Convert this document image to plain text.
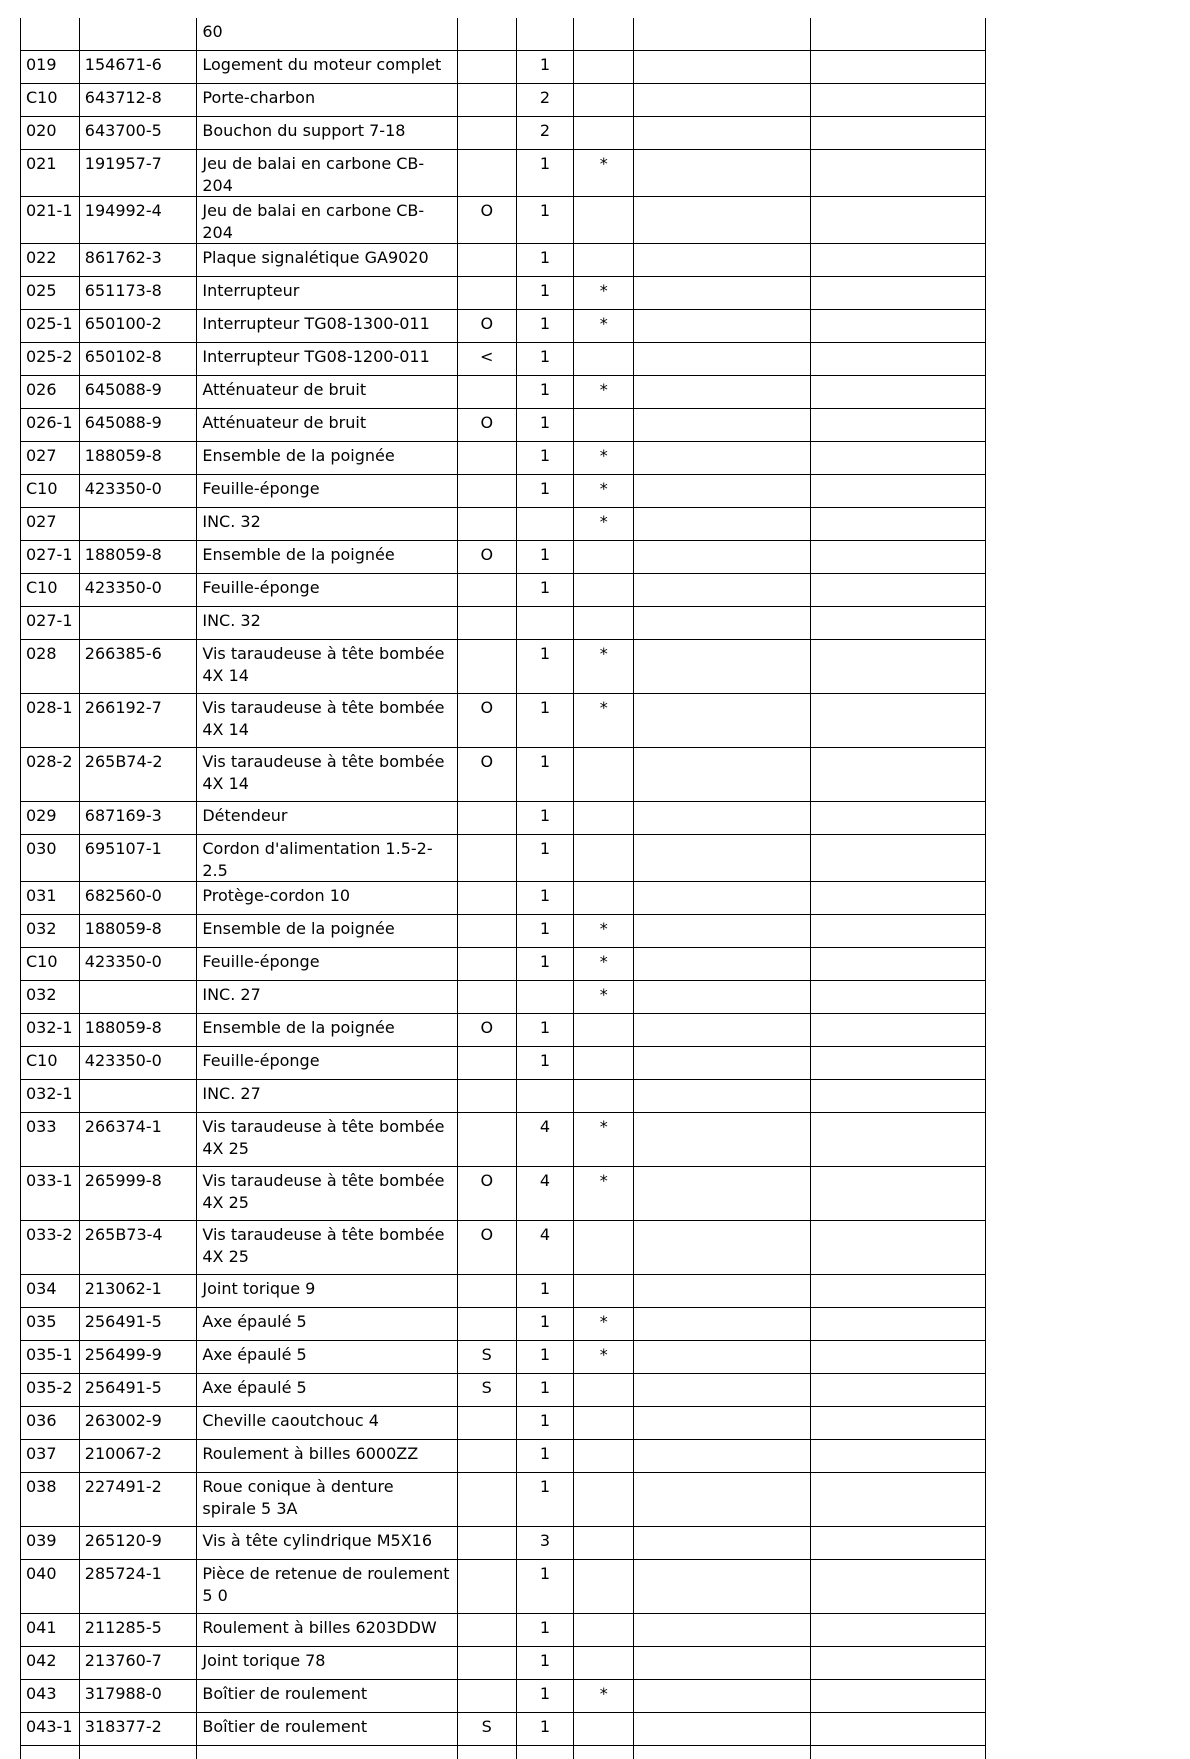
		60					
019	154671-6	Logement du moteur complet		1			
C10	643712-8	Porte-charbon		2			
020	643700-5	Bouchon du support 7-18		2			
021	191957-7	Jeu de balai en carbone CB-204		1	*		
021-1	194992-4	Jeu de balai en carbone CB-204	O	1			
022	861762-3	Plaque signalétique GA9020		1			
025	651173-8	Interrupteur		1	*		
025-1	650100-2	Interrupteur TG08-1300-011	O	1	*		
025-2	650102-8	Interrupteur TG08-1200-011	<	1			
026	645088-9	Atténuateur de bruit		1	*		
026-1	645088-9	Atténuateur de bruit	O	1			
027	188059-8	Ensemble de la poignée		1	*		
C10	423350-0	Feuille-éponge		1	*		
027		INC. 32			*		
027-1	188059-8	Ensemble de la poignée	O	1			
C10	423350-0	Feuille-éponge		1			
027-1		INC. 32					
028	266385-6	Vis taraudeuse à tête bombée 4X 14		1	*		
028-1	266192-7	Vis taraudeuse à tête bombée 4X 14	O	1	*		
028-2	265B74-2	Vis taraudeuse à tête bombée 4X 14	O	1			
029	687169-3	Détendeur		1			
030	695107-1	Cordon d'alimentation 1.5-2-2.5		1			
031	682560-0	Protège-cordon 10		1			
032	188059-8	Ensemble de la poignée		1	*		
C10	423350-0	Feuille-éponge		1	*		
032		INC. 27			*		
032-1	188059-8	Ensemble de la poignée	O	1			
C10	423350-0	Feuille-éponge		1			
032-1		INC. 27					
033	266374-1	Vis taraudeuse à tête bombée 4X 25		4	*		
033-1	265999-8	Vis taraudeuse à tête bombée 4X 25	O	4	*		
033-2	265B73-4	Vis taraudeuse à tête bombée 4X 25	O	4			
034	213062-1	Joint torique 9		1			
035	256491-5	Axe épaulé 5		1	*		
035-1	256499-9	Axe épaulé 5	S	1	*		
035-2	256491-5	Axe épaulé 5	S	1			
036	263002-9	Cheville caoutchouc 4		1			
037	210067-2	Roulement à billes 6000ZZ		1			
038	227491-2	Roue conique à denture spirale 5 3A		1			
039	265120-9	Vis à tête cylindrique M5X16		3			
040	285724-1	Pièce de retenue de roulement 5 0		1			
041	211285-5	Roulement à billes 6203DDW		1			
042	213760-7	Joint torique 78		1			
043	317988-0	Boîtier de roulement		1	*		
043-1	318377-2	Boîtier de roulement	S	1			
